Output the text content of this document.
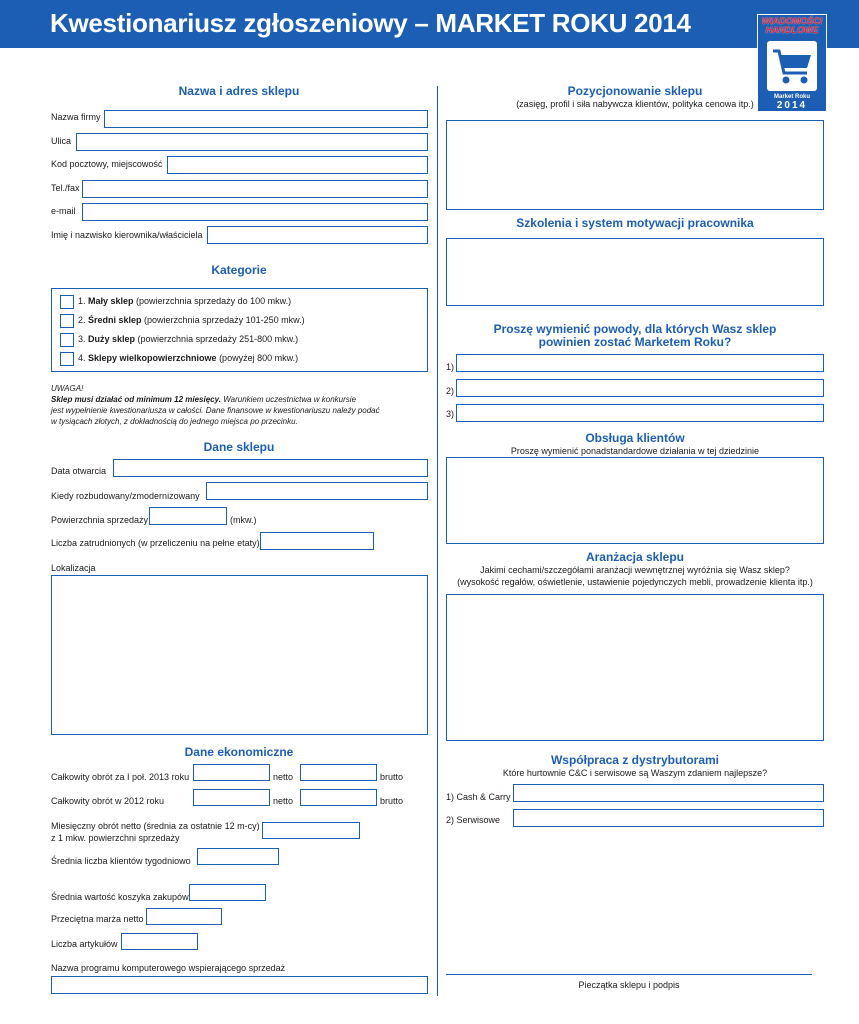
Kwestionariusz zgłoszeniowy – MARKET ROKU 2014	WIADOMOŚCI
HANDLOWE
Market Roku
2014
Nazwa i adres sklepu
Nazwa firmy
Ulica
Kod pocztowy, miejscowość
Tel./fax
e-mail
Imię i nazwisko kierownika/właściciela
Kategorie
1. Mały sklep (powierzchnia sprzedaży do 100 mkw.)
2. Średni sklep (powierzchnia sprzedaży 101-250 mkw.)
3. Duży sklep (powierzchnia sprzedaży 251-800 mkw.)
4. Sklepy wielkopowierzchniowe (powyżej 800 mkw.)
UWAGA!
Sklep musi działać od minimum 12 miesięcy. Warunkiem uczestnictwa w konkursie
jest wypełnienie kwestionariusza w całości. Dane finansowe w kwestionariuszu należy podać
w tysiącach złotych, z dokładnością do jednego miejsca po przecinku.
Dane sklepu
Data otwarcia
Kiedy rozbudowany/zmodernizowany
Powierzchnia sprzedaży	(mkw.)
Liczba zatrudnionych (w przeliczeniu na pełne etaty)
Lokalizacja
Dane ekonomiczne
Całkowity obrót za I poł. 2013 roku	netto	brutto
Całkowity obrót w 2012 roku	netto	brutto
Miesięczny obrót netto (średnia za ostatnie 12 m-cy)
z 1 mkw. powierzchni sprzedaży
Średnia liczba klientów tygodniowo
Średnia wartość koszyka zakupów
Przeciętna marża netto
Liczba artykułów
Nazwa programu komputerowego wspierającego sprzedaż
Pozycjonowanie sklepu
(zasięg, profil i siła nabywcza klientów, polityka cenowa itp.)
Szkolenia i system motywacji pracownika
Proszę wymienić powody, dla których Wasz sklep
powinien zostać Marketem Roku?
1)
2)
3)
Obsługa klientów
Proszę wymienić ponadstandardowe działania w tej dziedzinie
Aranżacja sklepu
Jakimi cechami/szczegółami aranżacji wewnętrznej wyróżnia się Wasz sklep?
(wysokość regałów, oświetlenie, ustawienie pojedynczych mebli, prowadzenie klienta itp.)
Współpraca z dystrybutorami
Które hurtownie C&C i serwisowe są Waszym zdaniem najlepsze?
1) Cash & Carry
2) Serwisowe
Pieczątka sklepu i podpis
